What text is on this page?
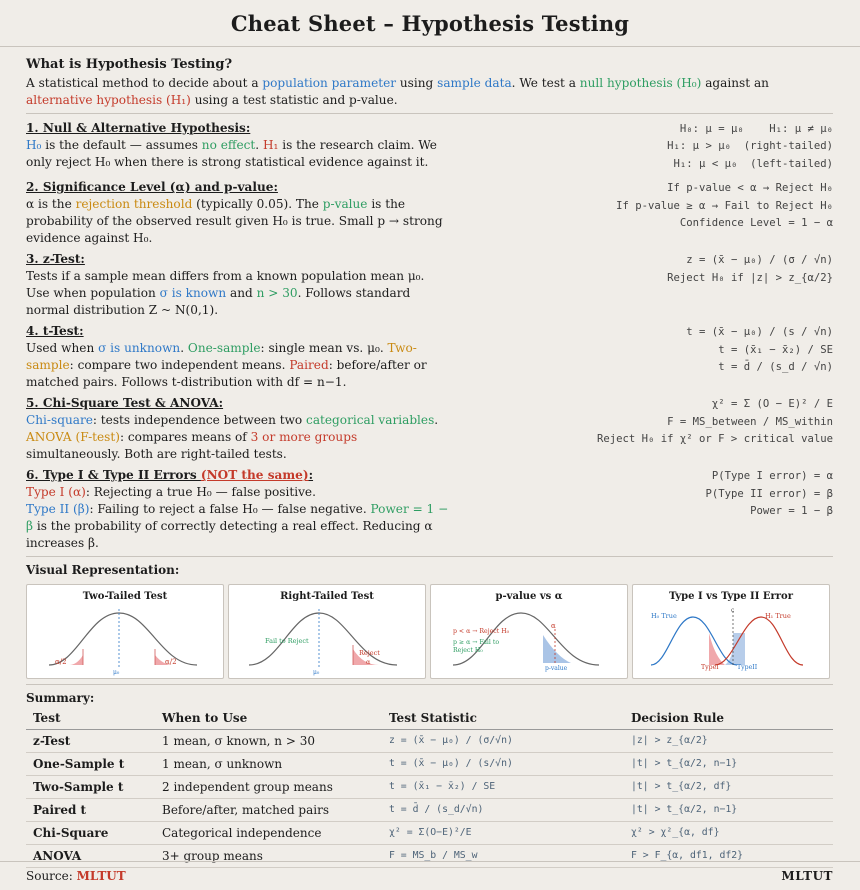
Cheat Sheet – Hypothesis Testing
What is Hypothesis Testing?

A statistical method to decide about a population parameter using sample data. We test a null hypothesis (H₀) against an alternative hypothesis (H₁) using a test statistic and p-value.

1. Null & Alternative Hypothesis:

H₀ is the default — assumes no effect. H₁ is the research claim. We only reject H₀ when there is strong statistical evidence against it.

H₀: μ = μ₀    H₁: μ ≠ μ₀
H₁: μ > μ₀  (right-tailed)
H₁: μ < μ₀  (left-tailed)
2. Significance Level (α) and p-value:

α is the rejection threshold (typically 0.05). The p-value is the probability of the observed result given H₀ is true. Small p → strong evidence against H₀.

If p-value < α → Reject H₀
If p-value ≥ α → Fail to Reject H₀
Confidence Level = 1 − α
3. z-Test:

Tests if a sample mean differs from a known population mean μ₀. Use when population σ is known and n > 30. Follows standard normal distribution Z ~ N(0,1).

z = (x̄ − μ₀) / (σ / √n)
Reject H₀ if |z| > z_{α/2}
4. t-Test:

Used when σ is unknown. One-sample: single mean vs. μ₀. Two-sample: compare two independent means. Paired: before/after or matched pairs. Follows t-distribution with df = n−1.

t = (x̄ − μ₀) / (s / √n)
t = (x̄₁ − x̄₂) / SE
t = d̄ / (s_d / √n)
5. Chi-Square Test & ANOVA:

Chi-square: tests independence between two categorical variables.
ANOVA (F-test): compares means of 3 or more groups simultaneously. Both are right-tailed tests.

χ² = Σ (O − E)² / E
F = MS_between / MS_within
Reject H₀ if χ² or F > critical value
6. Type I & Type II Errors (NOT the same):

Type I (α): Rejecting a true H₀ — false positive.
Type II (β): Failing to reject a false H₀ — false negative. Power = 1 − β is the probability of correctly detecting a real effect. Reducing α increases β.

P(Type I error) = α
P(Type II error) = β
Power = 1 − β
Visual Representation:
Two-Tailed Test
α/2	α/2
μ₀
Right-Tailed Test
Fail to Reject
Reject
α
μ₀
p-value vs α
p < α → Reject H₀
p ≥ α → Fail to
Reject H₀
α
p-value
Type I vs Type II Error
H₀ True	H₁ True
c
TypeI	TypeII
Summary:
Test	When to Use	Test Statistic	Decision Rule
z-Test	1 mean, σ known, n > 30	z = (x̄ − μ₀) / (σ/√n)	|z| > z_{α/2}
One-Sample t	1 mean, σ unknown	t = (x̄ − μ₀) / (s/√n)	|t| > t_{α/2, n−1}
Two-Sample t	2 independent group means	t = (x̄₁ − x̄₂) / SE	|t| > t_{α/2, df}
Paired t	Before/after, matched pairs	t = d̄ / (s_d/√n)	|t| > t_{α/2, n−1}
Chi-Square	Categorical independence	χ² = Σ(O−E)²/E	χ² > χ²_{α, df}
ANOVA	3+ group means	F = MS_b / MS_w	F > F_{α, df1, df2}
Source: MLTUT	MLTUT
